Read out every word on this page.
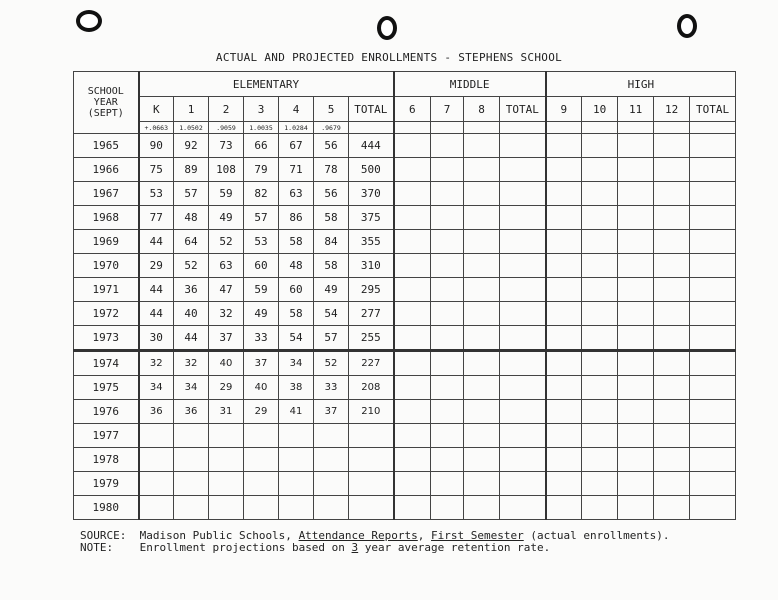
ACTUAL AND PROJECTED ENROLLMENTS - STEPHENS SCHOOL
SCHOOL YEAR (SEPT)	ELEMENTARY							MIDDLE				HIGH				
	K	1	2	3	4	5	TOTAL	6	7	8	TOTAL	9	10	11	12	TOTAL
	+.0663	1.0502	.9059	1.0035	1.0284	.9679										
1965	90	92	73	66	67	56	444									
1966	75	89	108	79	71	78	500									
1967	53	57	59	82	63	56	370									
1968	77	48	49	57	86	58	375									
1969	44	64	52	53	58	84	355									
1970	29	52	63	60	48	58	310									
1971	44	36	47	59	60	49	295									
1972	44	40	32	49	58	54	277									
1973	30	44	37	33	54	57	255									
1974	32	32	40	37	34	52	227									
1975	34	34	29	40	38	33	208									
1976	36	36	31	29	41	37	210									
1977																
1978																
1979																
1980																
SOURCE: Madison Public Schools, Attendance Reports, First Semester (actual enrollments).
NOTE: Enrollment projections based on 3 year average retention rate.
